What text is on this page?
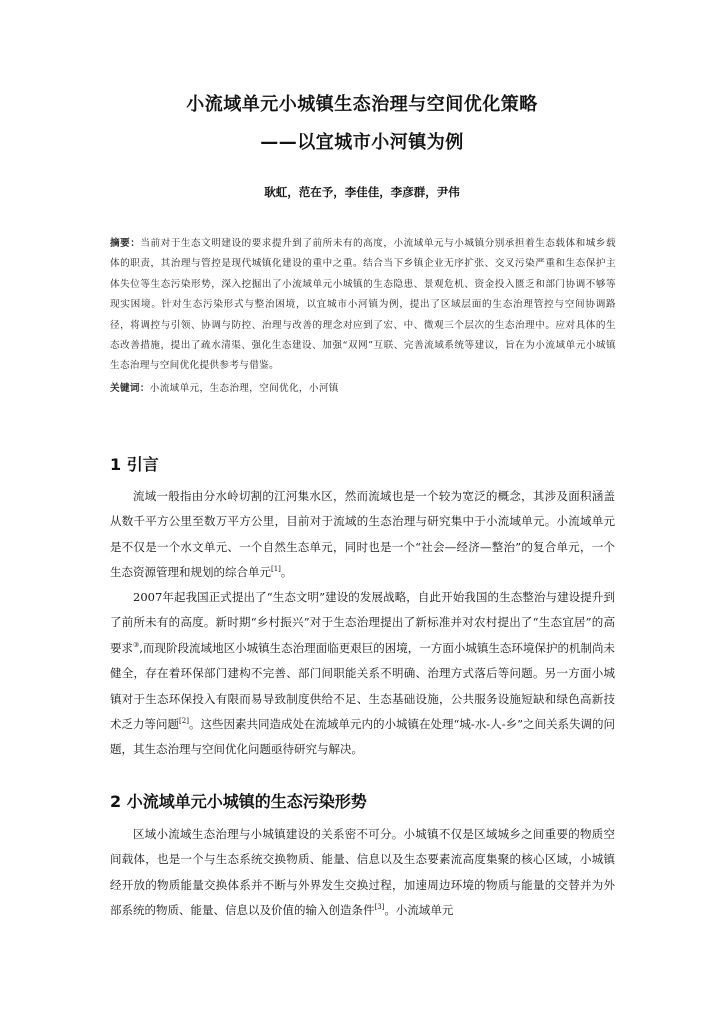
小流域单元小城镇生态治理与空间优化策略
——以宜城市小河镇为例
耿虹，范在予，李佳佳，李彦群，尹伟
摘要：当前对于生态文明建设的要求提升到了前所未有的高度，小流域单元与小城镇分别承担着生态载体和城乡载体的职责，其治理与管控是现代城镇化建设的重中之重。结合当下乡镇企业无序扩张、交叉污染严重和生态保护主体失位等生态污染形势，深入挖掘出了小流域单元小城镇的生态隐患、景观危机、资金投入匮乏和部门协调不够等现实困境。针对生态污染形式与整治困境，以宜城市小河镇为例，提出了区域层面的生态治理管控与空间协调路径，将调控与引领、协调与防控、治理与改善的理念对应到了宏、中、微观三个层次的生态治理中。应对具体的生态改善措施，提出了疏水清渠、强化生态建设、加强“双网”互联、完善流域系统等建议，旨在为小流域单元小城镇生态治理与空间优化提供参考与借鉴。
关键词：小流域单元，生态治理，空间优化，小河镇
1 引言
流域一般指由分水岭切割的江河集水区，然而流域也是一个较为宽泛的概念，其涉及面积涵盖从数千平方公里至数万平方公里，目前对于流域的生态治理与研究集中于小流域单元。小流域单元是不仅是一个水文单元、一个自然生态单元，同时也是一个“社会—经济—整治”的复合单元，一个生态资源管理和规划的综合单元[1]。
2007年起我国正式提出了“生态文明”建设的发展战略，自此开始我国的生态整治与建设提升到了前所未有的高度。新时期“乡村振兴”对于生态治理提出了新标准并对农村提出了“生态宜居”的高要求③,而现阶段流域地区小城镇生态治理面临更艰巨的困境，一方面小城镇生态环境保护的机制尚未健全，存在着环保部门建构不完善、部门间职能关系不明确、治理方式落后等问题。另一方面小城镇对于生态环保投入有限而易导致制度供给不足、生态基础设施，公共服务设施短缺和绿色高新技术乏力等问题[2]。这些因素共同造成处在流域单元内的小城镇在处理“城-水-人-乡”之间关系失调的问题，其生态治理与空间优化问题亟待研究与解决。
2 小流域单元小城镇的生态污染形势
区域小流域生态治理与小城镇建设的关系密不可分。小城镇不仅是区域城乡之间重要的物质空间载体，也是一个与生态系统交换物质、能量、信息以及生态要素流高度集聚的核心区域，小城镇经开放的物质能量交换体系并不断与外界发生交换过程，加速周边环境的物质与能量的交替并为外部系统的物质、能量、信息以及价值的输入创造条件[3]。小流域单元
